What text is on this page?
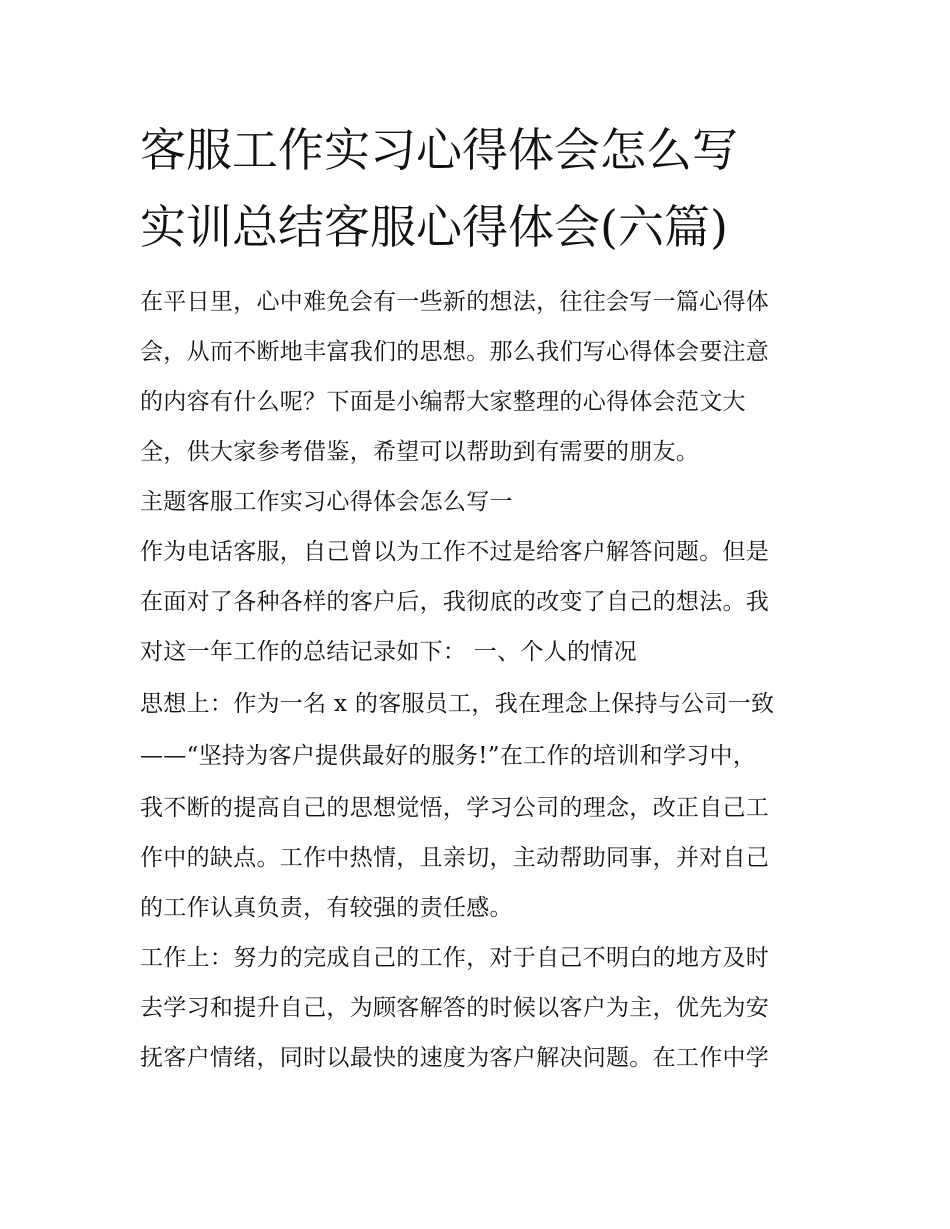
客服工作实习心得体会怎么写
实训总结客服心得体会(六篇)
在平日里，心中难免会有一些新的想法，往往会写一篇心得体
会，从而不断地丰富我们的思想。那么我们写心得体会要注意
的内容有什么呢？下面是小编帮大家整理的心得体会范文大
全，供大家参考借鉴，希望可以帮助到有需要的朋友。
主题客服工作实习心得体会怎么写一
作为电话客服，自己曾以为工作不过是给客户解答问题。但是
在面对了各种各样的客户后，我彻底的改变了自己的想法。我
对这一年工作的总结记录如下： 一、个人的情况
思想上：作为一名 x 的客服员工，我在理念上保持与公司一致
——“坚持为客户提供最好的服务!”在工作的培训和学习中，
我不断的提高自己的思想觉悟，学习公司的理念，改正自己工
作中的缺点。工作中热情，且亲切，主动帮助同事，并对自己
的工作认真负责，有较强的责任感。
工作上：努力的完成自己的工作，对于自己不明白的地方及时
去学习和提升自己，为顾客解答的时候以客户为主，优先为安
抚客户情绪，同时以最快的速度为客户解决问题。在工作中学
